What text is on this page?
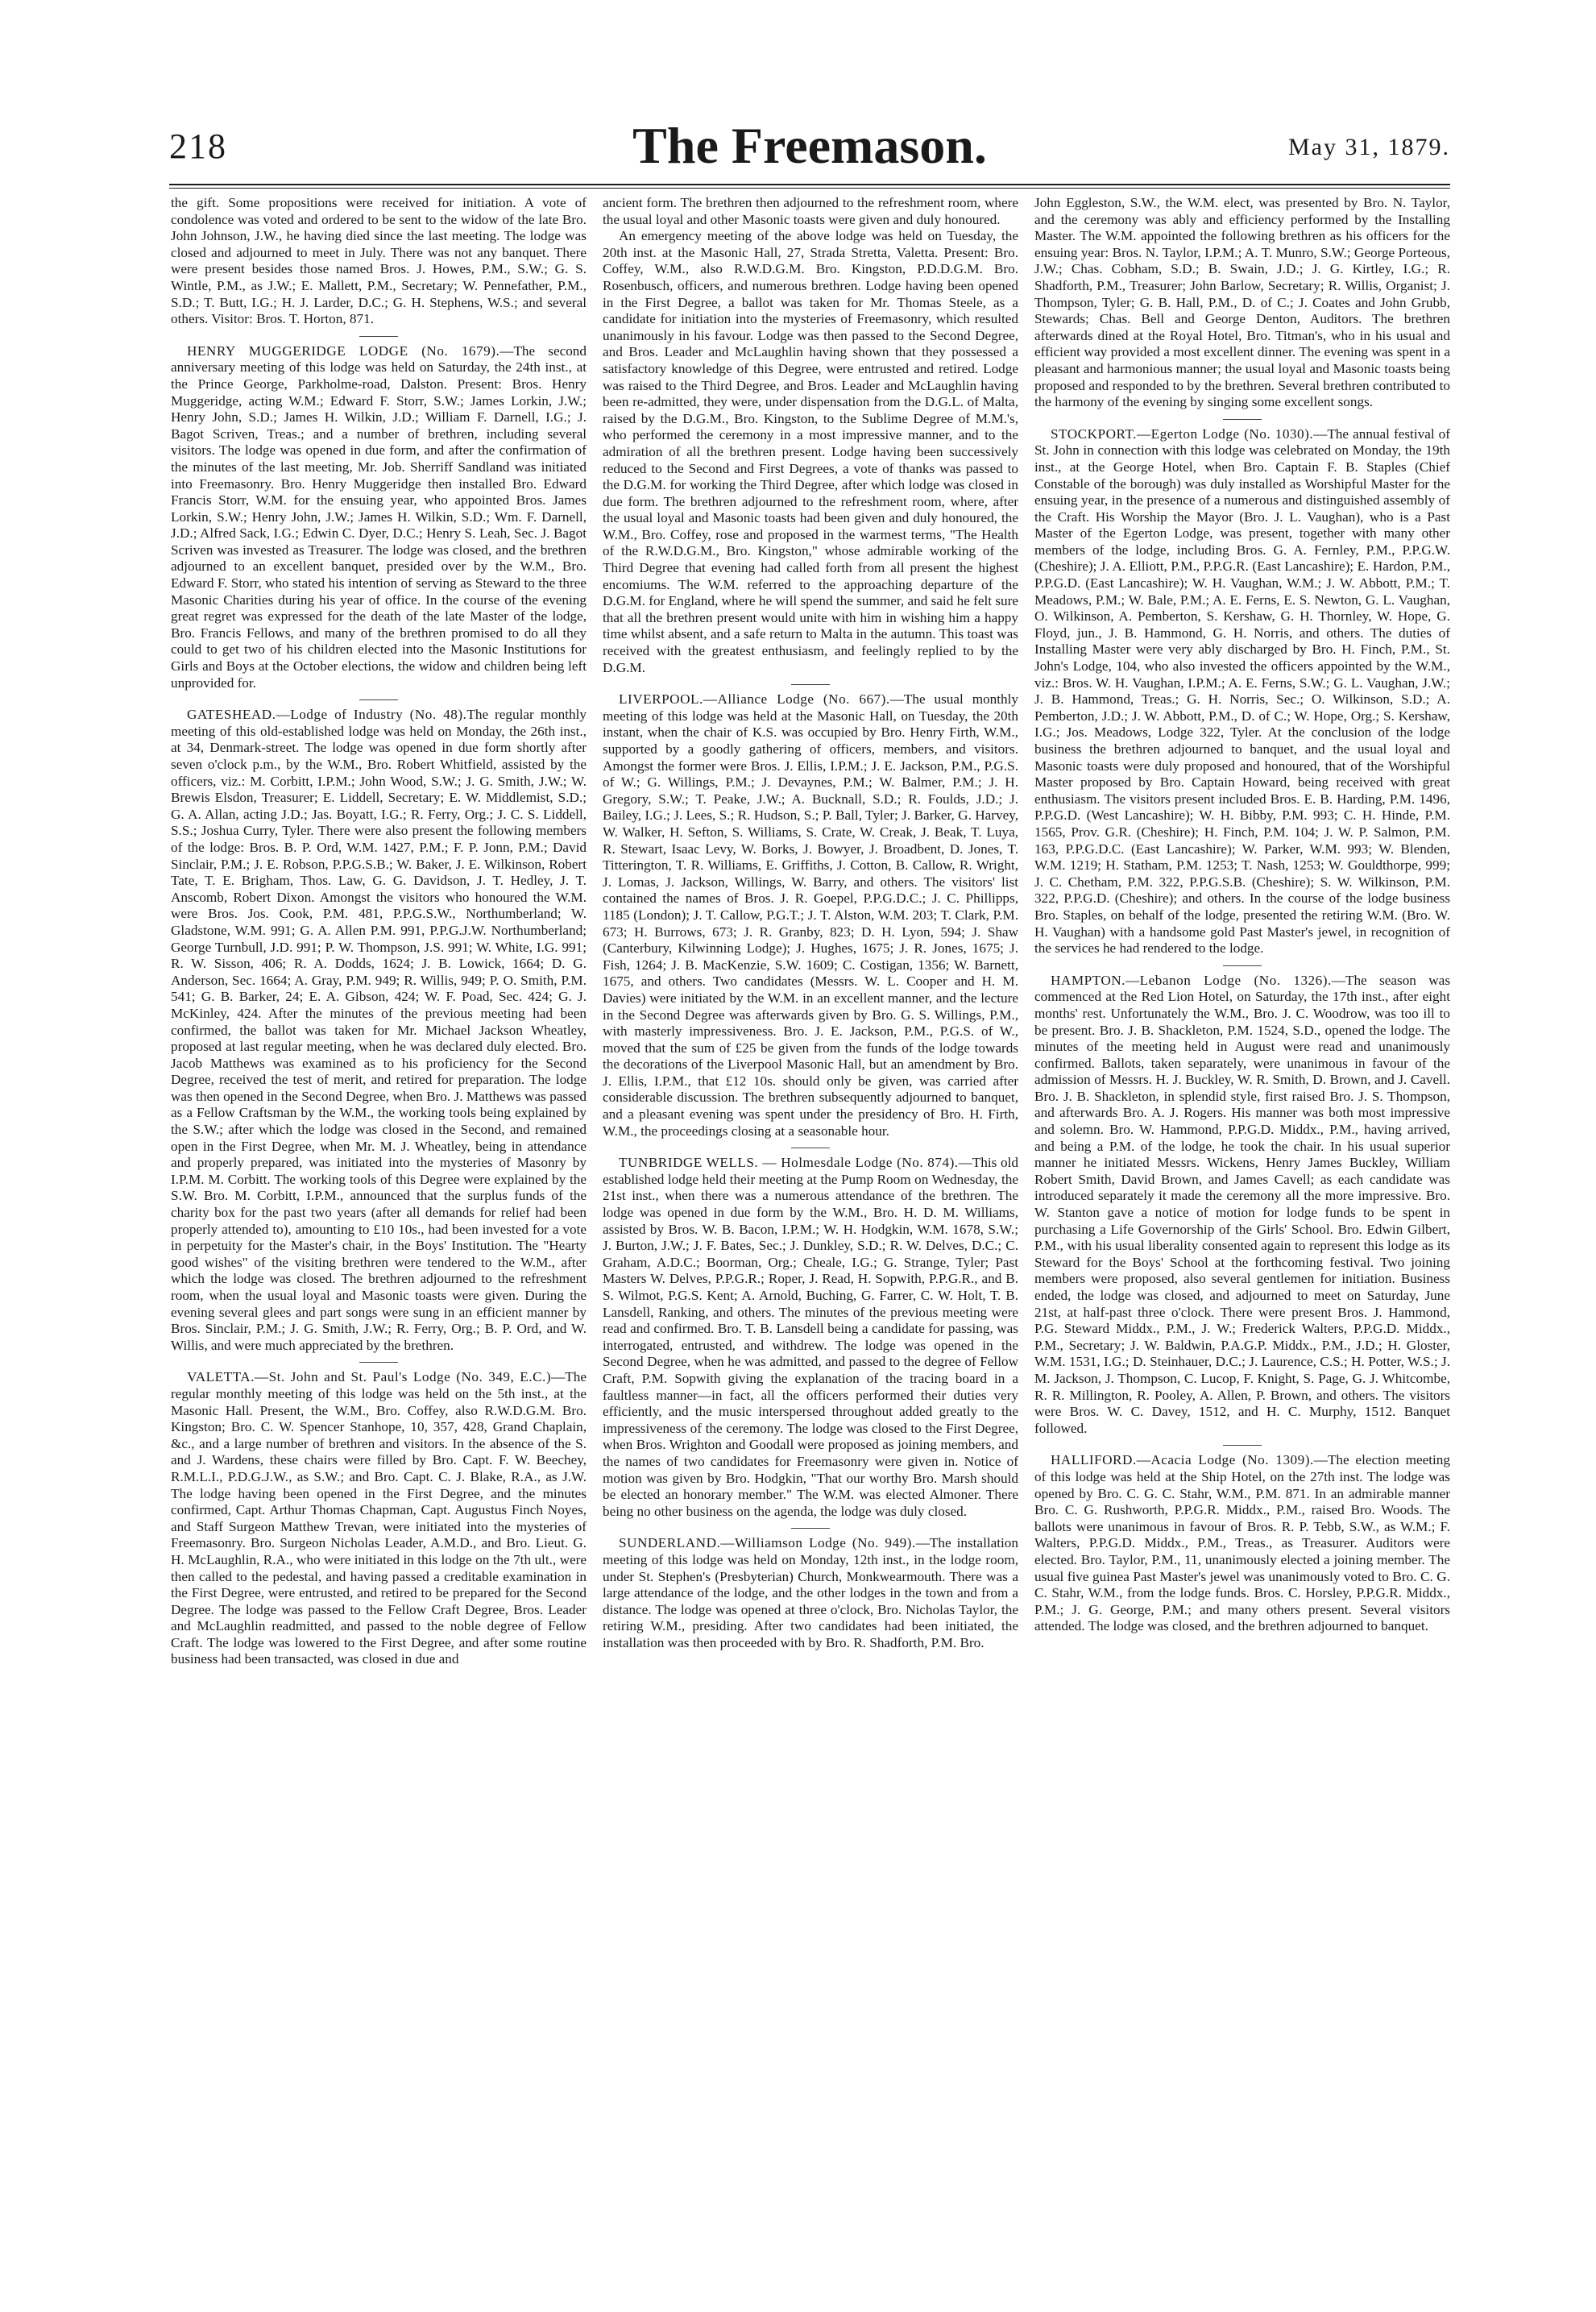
218	The Freemason.	May 31, 1879.

the gift. Some propositions were received for initiation. A vote of condolence was voted and ordered to be sent to the widow of the late Bro. John Johnson, J.W., he having died since the last meeting. The lodge was closed and adjourned to meet in July. There was not any banquet. There were present besides those named Bros. J. Howes, P.M., S.W.; G. S. Wintle, P.M., as J.W.; E. Mallett, P.M., Secretary; W. Pennefather, P.M., S.D.; T. Butt, I.G.; H. J. Larder, D.C.; G. H. Stephens, W.S.; and several others. Visitor: Bros. T. Horton, 871.

HENRY MUGGERIDGE LODGE (No. 1679).—The second anniversary meeting of this lodge was held on Saturday, the 24th inst., at the Prince George, Parkholme-road, Dalston. Present: Bros. Henry Muggeridge, acting W.M.; Edward F. Storr, S.W.; James Lorkin, J.W.; Henry John, S.D.; James H. Wilkin, J.D.; William F. Darnell, I.G.; J. Bagot Scriven, Treas.; and a number of brethren, including several visitors. The lodge was opened in due form, and after the confirmation of the minutes of the last meeting, Mr. Job. Sherriff Sandland was initiated into Freemasonry. Bro. Henry Muggeridge then installed Bro. Edward Francis Storr, W.M. for the ensuing year, who appointed Bros. James Lorkin, S.W.; Henry John, J.W.; James H. Wilkin, S.D.; Wm. F. Darnell, J.D.; Alfred Sack, I.G.; Edwin C. Dyer, D.C.; Henry S. Leah, Sec. J. Bagot Scriven was invested as Treasurer. The lodge was closed, and the brethren adjourned to an excellent banquet, presided over by the W.M., Bro. Edward F. Storr, who stated his intention of serving as Steward to the three Masonic Charities during his year of office. In the course of the evening great regret was expressed for the death of the late Master of the lodge, Bro. Francis Fellows, and many of the brethren promised to do all they could to get two of his children elected into the Masonic Institutions for Girls and Boys at the October elections, the widow and children being left unprovided for.

GATESHEAD.—Lodge of Industry (No. 48).The regular monthly meeting of this old-established lodge was held on Monday, the 26th inst., at 34, Denmark-street. The lodge was opened in due form shortly after seven o'clock p.m., by the W.M., Bro. Robert Whitfield, assisted by the officers, viz.: M. Corbitt, I.P.M.; John Wood, S.W.; J. G. Smith, J.W.; W. Brewis Elsdon, Treasurer; E. Liddell, Secretary; E. W. Middlemist, S.D.; G. A. Allan, acting J.D.; Jas. Boyatt, I.G.; R. Ferry, Org.; J. C. S. Liddell, S.S.; Joshua Curry, Tyler. There were also present the following members of the lodge: Bros. B. P. Ord, W.M. 1427, P.M.; F. P. Jonn, P.M.; David Sinclair, P.M.; J. E. Robson, P.P.G.S.B.; W. Baker, J. E. Wilkinson, Robert Tate, T. E. Brigham, Thos. Law, G. G. Davidson, J. T. Hedley, J. T. Anscomb, Robert Dixon. Amongst the visitors who honoured the W.M. were Bros. Jos. Cook, P.M. 481, P.P.G.S.W., Northumberland; W. Gladstone, W.M. 991; G. A. Allen P.M. 991, P.P.G.J.W. Northumberland; George Turnbull, J.D. 991; P. W. Thompson, J.S. 991; W. White, I.G. 991; R. W. Sisson, 406; R. A. Dodds, 1624; J. B. Lowick, 1664; D. G. Anderson, Sec. 1664; A. Gray, P.M. 949; R. Willis, 949; P. O. Smith, P.M. 541; G. B. Barker, 24; E. A. Gibson, 424; W. F. Poad, Sec. 424; G. J. McKinley, 424. After the minutes of the previous meeting had been confirmed, the ballot was taken for Mr. Michael Jackson Wheatley, proposed at last regular meeting, when he was declared duly elected. Bro. Jacob Matthews was examined as to his proficiency for the Second Degree, received the test of merit, and retired for preparation. The lodge was then opened in the Second Degree, when Bro. J. Matthews was passed as a Fellow Craftsman by the W.M., the working tools being explained by the S.W.; after which the lodge was closed in the Second, and remained open in the First Degree, when Mr. M. J. Wheatley, being in attendance and properly prepared, was initiated into the mysteries of Masonry by I.P.M. M. Corbitt. The working tools of this Degree were explained by the S.W. Bro. M. Corbitt, I.P.M., announced that the surplus funds of the charity box for the past two years (after all demands for relief had been properly attended to), amounting to £10 10s., had been invested for a vote in perpetuity for the Master's chair, in the Boys' Institution. The "Hearty good wishes" of the visiting brethren were tendered to the W.M., after which the lodge was closed. The brethren adjourned to the refreshment room, when the usual loyal and Masonic toasts were given. During the evening several glees and part songs were sung in an efficient manner by Bros. Sinclair, P.M.; J. G. Smith, J.W.; R. Ferry, Org.; B. P. Ord, and W. Willis, and were much appreciated by the brethren.

VALETTA.—St. John and St. Paul's Lodge (No. 349, E.C.)—The regular monthly meeting of this lodge was held on the 5th inst., at the Masonic Hall. Present, the W.M., Bro. Coffey, also R.W.D.G.M. Bro. Kingston; Bro. C. W. Spencer Stanhope, 10, 357, 428, Grand Chaplain, &c., and a large number of brethren and visitors. In the absence of the S. and J. Wardens, these chairs were filled by Bro. Capt. F. W. Beechey, R.M.L.I., P.D.G.J.W., as S.W.; and Bro. Capt. C. J. Blake, R.A., as J.W. The lodge having been opened in the First Degree, and the minutes confirmed, Capt. Arthur Thomas Chapman, Capt. Augustus Finch Noyes, and Staff Surgeon Matthew Trevan, were initiated into the mysteries of Freemasonry. Bro. Surgeon Nicholas Leader, A.M.D., and Bro. Lieut. G. H. McLaughlin, R.A., who were initiated in this lodge on the 7th ult., were then called to the pedestal, and having passed a creditable examination in the First Degree, were entrusted, and retired to be prepared for the Second Degree. The lodge was passed to the Fellow Craft Degree, Bros. Leader and McLaughlin readmitted, and passed to the noble degree of Fellow Craft. The lodge was lowered to the First Degree, and after some routine business had been transacted, was closed in due and

ancient form. The brethren then adjourned to the refreshment room, where the usual loyal and other Masonic toasts were given and duly honoured.

An emergency meeting of the above lodge was held on Tuesday, the 20th inst. at the Masonic Hall, 27, Strada Stretta, Valetta. Present: Bro. Coffey, W.M., also R.W.D.G.M. Bro. Kingston, P.D.D.G.M. Bro. Rosenbusch, officers, and numerous brethren. Lodge having been opened in the First Degree, a ballot was taken for Mr. Thomas Steele, as a candidate for initiation into the mysteries of Freemasonry, which resulted unanimously in his favour. Lodge was then passed to the Second Degree, and Bros. Leader and McLaughlin having shown that they possessed a satisfactory knowledge of this Degree, were entrusted and retired. Lodge was raised to the Third Degree, and Bros. Leader and McLaughlin having been re-admitted, they were, under dispensation from the D.G.L. of Malta, raised by the D.G.M., Bro. Kingston, to the Sublime Degree of M.M.'s, who performed the ceremony in a most impressive manner, and to the admiration of all the brethren present. Lodge having been successively reduced to the Second and First Degrees, a vote of thanks was passed to the D.G.M. for working the Third Degree, after which lodge was closed in due form. The brethren adjourned to the refreshment room, where, after the usual loyal and Masonic toasts had been given and duly honoured, the W.M., Bro. Coffey, rose and proposed in the warmest terms, "The Health of the R.W.D.G.M., Bro. Kingston," whose admirable working of the Third Degree that evening had called forth from all present the highest encomiums. The W.M. referred to the approaching departure of the D.G.M. for England, where he will spend the summer, and said he felt sure that all the brethren present would unite with him in wishing him a happy time whilst absent, and a safe return to Malta in the autumn. This toast was received with the greatest enthusiasm, and feelingly replied to by the D.G.M.

LIVERPOOL.—Alliance Lodge (No. 667).—The usual monthly meeting of this lodge was held at the Masonic Hall, on Tuesday, the 20th instant, when the chair of K.S. was occupied by Bro. Henry Firth, W.M., supported by a goodly gathering of officers, members, and visitors. Amongst the former were Bros. J. Ellis, I.P.M.; J. E. Jackson, P.M., P.G.S. of W.; G. Willings, P.M.; J. Devaynes, P.M.; W. Balmer, P.M.; J. H. Gregory, S.W.; T. Peake, J.W.; A. Bucknall, S.D.; R. Foulds, J.D.; J. Bailey, I.G.; J. Lees, S.; R. Hudson, S.; P. Ball, Tyler; J. Barker, G. Harvey, W. Walker, H. Sefton, S. Williams, S. Crate, W. Creak, J. Beak, T. Luya, R. Stewart, Isaac Levy, W. Borks, J. Bowyer, J. Broadbent, D. Jones, T. Titterington, T. R. Williams, E. Griffiths, J. Cotton, B. Callow, R. Wright, J. Lomas, J. Jackson, Willings, W. Barry, and others. The visitors' list contained the names of Bros. J. R. Goepel, P.P.G.D.C.; J. C. Phillipps, 1185 (London); J. T. Callow, P.G.T.; J. T. Alston, W.M. 203; T. Clark, P.M. 673; H. Burrows, 673; J. R. Granby, 823; D. H. Lyon, 594; J. Shaw (Canterbury, Kilwinning Lodge); J. Hughes, 1675; J. R. Jones, 1675; J. Fish, 1264; J. B. MacKenzie, S.W. 1609; C. Costigan, 1356; W. Barnett, 1675, and others. Two candidates (Messrs. W. L. Cooper and H. M. Davies) were initiated by the W.M. in an excellent manner, and the lecture in the Second Degree was afterwards given by Bro. G. S. Willings, P.M., with masterly impressiveness. Bro. J. E. Jackson, P.M., P.G.S. of W., moved that the sum of £25 be given from the funds of the lodge towards the decorations of the Liverpool Masonic Hall, but an amendment by Bro. J. Ellis, I.P.M., that £12 10s. should only be given, was carried after considerable discussion. The brethren subsequently adjourned to banquet, and a pleasant evening was spent under the presidency of Bro. H. Firth, W.M., the proceedings closing at a seasonable hour.

TUNBRIDGE WELLS. — Holmesdale Lodge (No. 874).—This old established lodge held their meeting at the Pump Room on Wednesday, the 21st inst., when there was a numerous attendance of the brethren. The lodge was opened in due form by the W.M., Bro. H. D. M. Williams, assisted by Bros. W. B. Bacon, I.P.M.; W. H. Hodgkin, W.M. 1678, S.W.; J. Burton, J.W.; J. F. Bates, Sec.; J. Dunkley, S.D.; R. W. Delves, D.C.; C. Graham, A.D.C.; Boorman, Org.; Cheale, I.G.; G. Strange, Tyler; Past Masters W. Delves, P.P.G.R.; Roper, J. Read, H. Sopwith, P.P.G.R., and B. S. Wilmot, P.G.S. Kent; A. Arnold, Buching, G. Farrer, C. W. Holt, T. B. Lansdell, Ranking, and others. The minutes of the previous meeting were read and confirmed. Bro. T. B. Lansdell being a candidate for passing, was interrogated, entrusted, and withdrew. The lodge was opened in the Second Degree, when he was admitted, and passed to the degree of Fellow Craft, P.M. Sopwith giving the explanation of the tracing board in a faultless manner—in fact, all the officers performed their duties very efficiently, and the music interspersed throughout added greatly to the impressiveness of the ceremony. The lodge was closed to the First Degree, when Bros. Wrighton and Goodall were proposed as joining members, and the names of two candidates for Freemasonry were given in. Notice of motion was given by Bro. Hodgkin, "That our worthy Bro. Marsh should be elected an honorary member." The W.M. was elected Almoner. There being no other business on the agenda, the lodge was duly closed.

SUNDERLAND.—Williamson Lodge (No. 949).—The installation meeting of this lodge was held on Monday, 12th inst., in the lodge room, under St. Stephen's (Presbyterian) Church, Monkwearmouth. There was a large attendance of the lodge, and the other lodges in the town and from a distance. The lodge was opened at three o'clock, Bro. Nicholas Taylor, the retiring W.M., presiding. After two candidates had been initiated, the installation was then proceeded with by Bro. R. Shadforth, P.M. Bro.

John Eggleston, S.W., the W.M. elect, was presented by Bro. N. Taylor, and the ceremony was ably and efficiency performed by the Installing Master. The W.M. appointed the following brethren as his officers for the ensuing year: Bros. N. Taylor, I.P.M.; A. T. Munro, S.W.; George Porteous, J.W.; Chas. Cobham, S.D.; B. Swain, J.D.; J. G. Kirtley, I.G.; R. Shadforth, P.M., Treasurer; John Barlow, Secretary; R. Willis, Organist; J. Thompson, Tyler; G. B. Hall, P.M., D. of C.; J. Coates and John Grubb, Stewards; Chas. Bell and George Denton, Auditors. The brethren afterwards dined at the Royal Hotel, Bro. Titman's, who in his usual and efficient way provided a most excellent dinner. The evening was spent in a pleasant and harmonious manner; the usual loyal and Masonic toasts being proposed and responded to by the brethren. Several brethren contributed to the harmony of the evening by singing some excellent songs.

STOCKPORT.—Egerton Lodge (No. 1030).—The annual festival of St. John in connection with this lodge was celebrated on Monday, the 19th inst., at the George Hotel, when Bro. Captain F. B. Staples (Chief Constable of the borough) was duly installed as Worshipful Master for the ensuing year, in the presence of a numerous and distinguished assembly of the Craft. His Worship the Mayor (Bro. J. L. Vaughan), who is a Past Master of the Egerton Lodge, was present, together with many other members of the lodge, including Bros. G. A. Fernley, P.M., P.P.G.W. (Cheshire); J. A. Elliott, P.M., P.P.G.R. (East Lancashire); E. Hardon, P.M., P.P.G.D. (East Lancashire); W. H. Vaughan, W.M.; J. W. Abbott, P.M.; T. Meadows, P.M.; W. Bale, P.M.; A. E. Ferns, E. S. Newton, G. L. Vaughan, O. Wilkinson, A. Pemberton, S. Kershaw, G. H. Thornley, W. Hope, G. Floyd, jun., J. B. Hammond, G. H. Norris, and others. The duties of Installing Master were very ably discharged by Bro. H. Finch, P.M., St. John's Lodge, 104, who also invested the officers appointed by the W.M., viz.: Bros. W. H. Vaughan, I.P.M.; A. E. Ferns, S.W.; G. L. Vaughan, J.W.; J. B. Hammond, Treas.; G. H. Norris, Sec.; O. Wilkinson, S.D.; A. Pemberton, J.D.; J. W. Abbott, P.M., D. of C.; W. Hope, Org.; S. Kershaw, I.G.; Jos. Meadows, Lodge 322, Tyler. At the conclusion of the lodge business the brethren adjourned to banquet, and the usual loyal and Masonic toasts were duly proposed and honoured, that of the Worshipful Master proposed by Bro. Captain Howard, being received with great enthusiasm. The visitors present included Bros. E. B. Harding, P.M. 1496, P.P.G.D. (West Lancashire); W. H. Bibby, P.M. 993; C. H. Hinde, P.M. 1565, Prov. G.R. (Cheshire); H. Finch, P.M. 104; J. W. P. Salmon, P.M. 163, P.P.G.D.C. (East Lancashire); W. Parker, W.M. 993; W. Blenden, W.M. 1219; H. Statham, P.M. 1253; T. Nash, 1253; W. Gouldthorpe, 999; J. C. Chetham, P.M. 322, P.P.G.S.B. (Cheshire); S. W. Wilkinson, P.M. 322, P.P.G.D. (Cheshire); and others. In the course of the lodge business Bro. Staples, on behalf of the lodge, presented the retiring W.M. (Bro. W. H. Vaughan) with a handsome gold Past Master's jewel, in recognition of the services he had rendered to the lodge.

HAMPTON.—Lebanon Lodge (No. 1326).—The season was commenced at the Red Lion Hotel, on Saturday, the 17th inst., after eight months' rest. Unfortunately the W.M., Bro. J. C. Woodrow, was too ill to be present. Bro. J. B. Shackleton, P.M. 1524, S.D., opened the lodge. The minutes of the meeting held in August were read and unanimously confirmed. Ballots, taken separately, were unanimous in favour of the admission of Messrs. H. J. Buckley, W. R. Smith, D. Brown, and J. Cavell. Bro. J. B. Shackleton, in splendid style, first raised Bro. J. S. Thompson, and afterwards Bro. A. J. Rogers. His manner was both most impressive and solemn. Bro. W. Hammond, P.P.G.D. Middx., P.M., having arrived, and being a P.M. of the lodge, he took the chair. In his usual superior manner he initiated Messrs. Wickens, Henry James Buckley, William Robert Smith, David Brown, and James Cavell; as each candidate was introduced separately it made the ceremony all the more impressive. Bro. W. Stanton gave a notice of motion for lodge funds to be spent in purchasing a Life Governorship of the Girls' School. Bro. Edwin Gilbert, P.M., with his usual liberality consented again to represent this lodge as its Steward for the Boys' School at the forthcoming festival. Two joining members were proposed, also several gentlemen for initiation. Business ended, the lodge was closed, and adjourned to meet on Saturday, June 21st, at half-past three o'clock. There were present Bros. J. Hammond, P.G. Steward Middx., P.M., J. W.; Frederick Walters, P.P.G.D. Middx., P.M., Secretary; J. W. Baldwin, P.A.G.P. Middx., P.M., J.D.; H. Gloster, W.M. 1531, I.G.; D. Steinhauer, D.C.; J. Laurence, C.S.; H. Potter, W.S.; J. M. Jackson, J. Thompson, C. Lucop, F. Knight, S. Page, G. J. Whitcombe, R. R. Millington, R. Pooley, A. Allen, P. Brown, and others. The visitors were Bros. W. C. Davey, 1512, and H. C. Murphy, 1512. Banquet followed.

HALLIFORD.—Acacia Lodge (No. 1309).—The election meeting of this lodge was held at the Ship Hotel, on the 27th inst. The lodge was opened by Bro. C. G. C. Stahr, W.M., P.M. 871. In an admirable manner Bro. C. G. Rushworth, P.P.G.R. Middx., P.M., raised Bro. Woods. The ballots were unanimous in favour of Bros. R. P. Tebb, S.W., as W.M.; F. Walters, P.P.G.D. Middx., P.M., Treas., as Treasurer. Auditors were elected. Bro. Taylor, P.M., 11, unanimously elected a joining member. The usual five guinea Past Master's jewel was unanimously voted to Bro. C. G. C. Stahr, W.M., from the lodge funds. Bros. C. Horsley, P.P.G.R. Middx., P.M.; J. G. George, P.M.; and many others present. Several visitors attended. The lodge was closed, and the brethren adjourned to banquet.
